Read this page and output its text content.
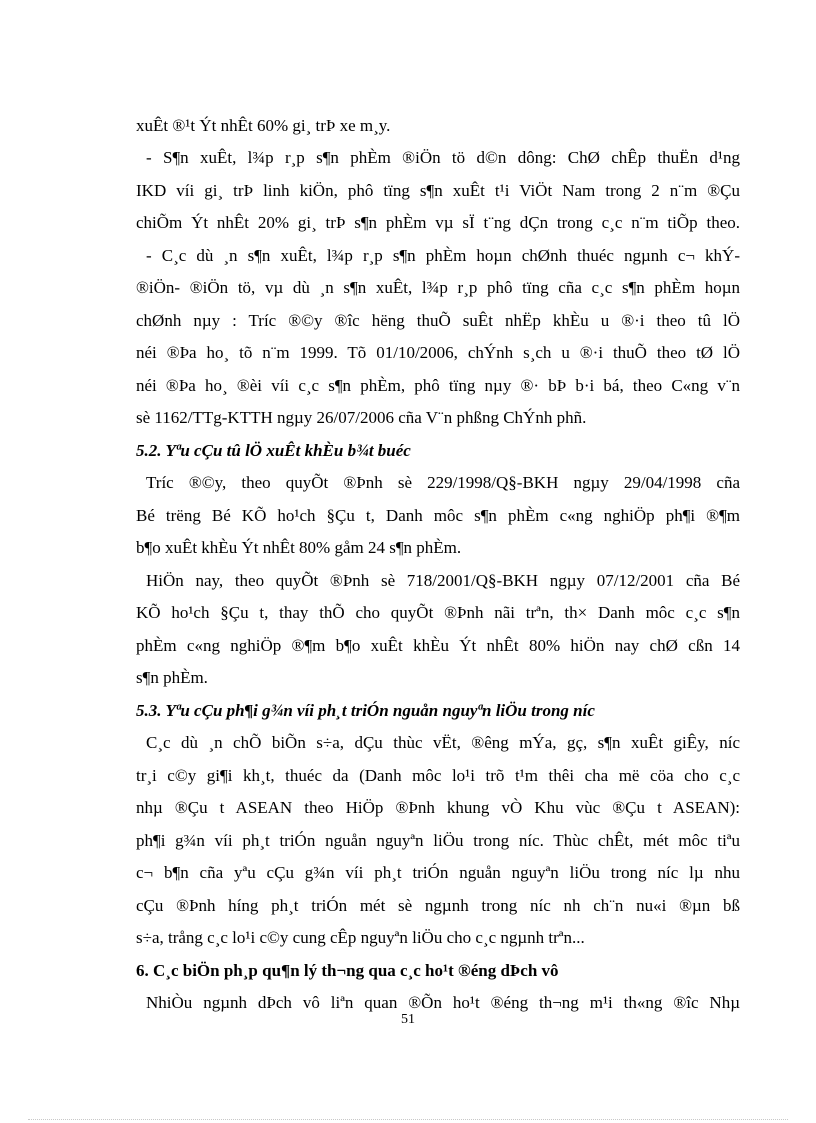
xuÊt ®¹t Ýt nhÊt 60% gi¸ trÞ xe m¸y.
- S¶n xuÊt, l¾p r¸p s¶n phÈm ®iÖn tö d©n dông: ChØ chÊp thuËn d¹ng
IKD víi gi¸ trÞ linh kiÖn, phô tïng s¶n xuÊt t¹i ViÖt Nam trong 2 n¨m ®Çu
chiÕm Ýt nhÊt 20% gi¸ trÞ s¶n phÈm vµ sÏ t¨ng dÇn trong c¸c n¨m tiÕp theo.
- C¸c dù ¸n s¶n xuÊt, l¾p r¸p s¶n phÈm hoµn chØnh thuéc ngµnh c¬ khÝ-
®iÖn- ®iÖn tö, vµ dù ¸n s¶n xuÊt, l¾p r¸p phô tïng cña c¸c s¶n phÈm hoµn
chØnh nµy : Tríc ®©y ®îc hëng thuÕ suÊt nhËp khÈu u ®·i theo tû lÖ
néi ®Þa ho¸ tõ n¨m 1999. Tõ 01/10/2006, chÝnh s¸ch u ®·i thuÕ theo tØ lÖ
néi ®Þa ho¸ ®èi víi c¸c s¶n phÈm, phô tïng nµy ®· bÞ b·i bá, theo C«ng v¨n
sè 1162/TTg-KTTH ngµy 26/07/2006 cña V¨n phßng ChÝnh phñ.
5.2. Yªu cÇu tû lÖ xuÊt khÈu b¾t buéc
Tríc ®©y, theo quyÕt ®Þnh sè 229/1998/Q§-BKH ngµy 29/04/1998 cña
Bé trëng Bé KÕ ho¹ch §Çu t, Danh môc s¶n phÈm c«ng nghiÖp ph¶i ®¶m
b¶o xuÊt khÈu Ýt nhÊt 80% gåm 24 s¶n phÈm.
HiÖn nay, theo quyÕt ®Þnh sè 718/2001/Q§-BKH ngµy 07/12/2001 cña Bé
KÕ ho¹ch §Çu t, thay thÕ cho quyÕt ®Þnh nãi trªn, th× Danh môc c¸c s¶n
phÈm c«ng nghiÖp ®¶m b¶o xuÊt khÈu Ýt nhÊt 80% hiÖn nay chØ cßn 14
s¶n phÈm.
5.3. Yªu cÇu ph¶i g¾n víi ph¸t triÓn nguån nguyªn liÖu trong níc
C¸c dù ¸n chÕ biÕn s÷a, dÇu thùc vËt, ®êng mÝa, gç, s¶n xuÊt giÊy, níc
tr¸i c©y gi¶i kh¸t, thuéc da (Danh môc lo¹i trõ t¹m thêi cha më cöa cho c¸c
nhµ ®Çu t ASEAN theo HiÖp ®Þnh khung vÒ Khu vùc ®Çu t ASEAN):
ph¶i g¾n víi ph¸t triÓn nguån nguyªn liÖu trong níc. Thùc chÊt, mét môc tiªu
c¬ b¶n cña yªu cÇu g¾n víi ph¸t triÓn nguån nguyªn liÖu trong níc lµ nhu
cÇu ®Þnh híng ph¸t triÓn mét sè ngµnh trong níc nh ch¨n nu«i ®µn bß
s÷a, trång c¸c lo¹i c©y cung cÊp nguyªn liÖu cho c¸c ngµnh trªn...
6. C¸c biÖn ph¸p qu¶n lý th¬ng qua c¸c ho¹t ®éng dÞch vô
NhiÒu ngµnh dÞch vô liªn quan ®Õn ho¹t ®éng th¬ng m¹i th«ng ®îc Nhµ
51
